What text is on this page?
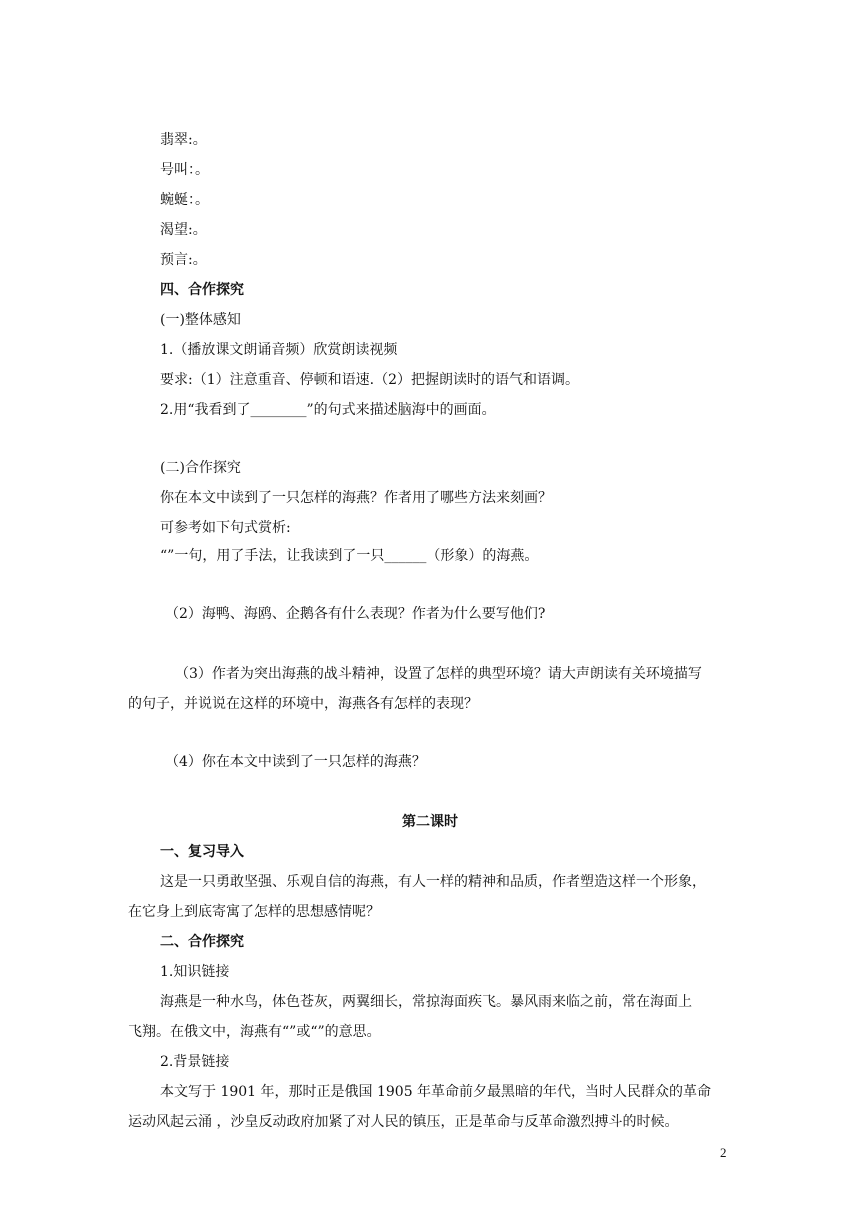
翡翠:。
号叫：。
蜿蜒：。
渴望:。
预言:。
四、合作探究
(一)整体感知
1.（播放课文朗诵音频）欣赏朗读视频
要求:（1）注意重音、停顿和语速.（2）把握朗读时的语气和语调。
2.用“我看到了________”的句式来描述脑海中的画面。
(二)合作探究
你在本文中读到了一只怎样的海燕？作者用了哪些方法来刻画？
可参考如下句式赏析:
“”一句，用了手法，让我读到了一只______（形象）的海燕。
（2）海鸭、海鸥、企鹅各有什么表现？作者为什么要写他们?
（3）作者为突出海燕的战斗精神，设置了怎样的典型环境？请大声朗读有关环境描写
的句子，并说说在这样的环境中，海燕各有怎样的表现？
（4）你在本文中读到了一只怎样的海燕？
第二课时
一、复习导入
这是一只勇敢坚强、乐观自信的海燕，有人一样的精神和品质，作者塑造这样一个形象，
在它身上到底寄寓了怎样的思想感情呢？
二、合作探究
1.知识链接
海燕是一种水鸟，体色苍灰，两翼细长，常掠海面疾飞。暴风雨来临之前，常在海面上
飞翔。在俄文中，海燕有“”或“”的意思。
2.背景链接
本文写于 1901 年，那时正是俄国 1905 年革命前夕最黑暗的年代，当时人民群众的革命
运动风起云涌 ，沙皇反动政府加紧了对人民的镇压，正是革命与反革命激烈搏斗的时候。
2
